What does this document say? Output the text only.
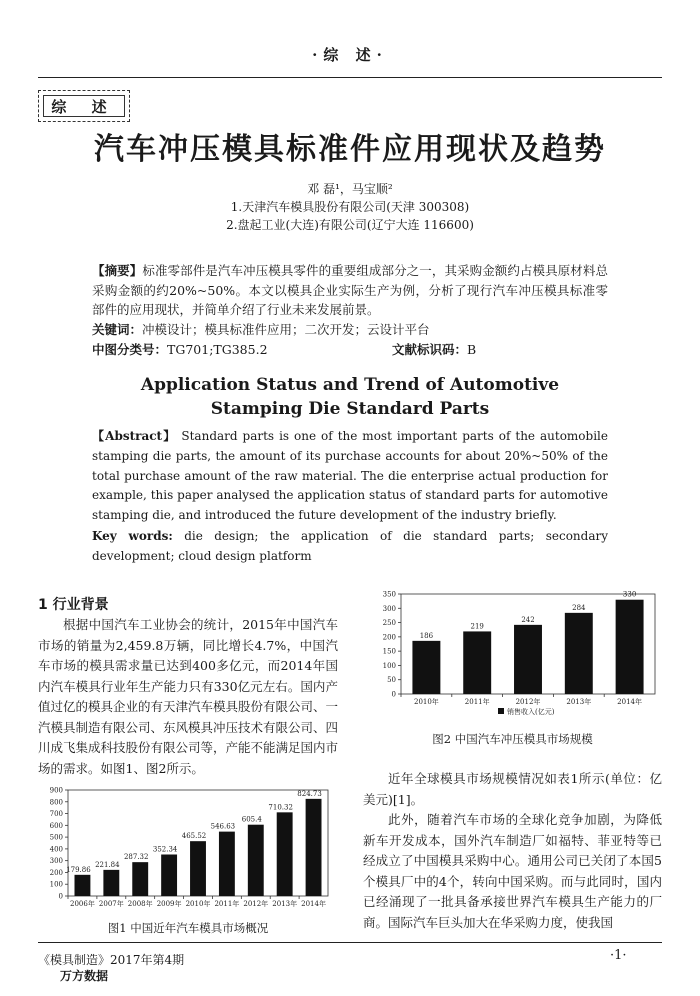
·综 述·
综 述
汽车冲压模具标准件应用现状及趋势
邓 磊¹，马宝顺²
1.天津汽车模具股份有限公司(天津 300308)
2.盘起工业(大连)有限公司(辽宁大连 116600)
【摘要】标准零部件是汽车冲压模具零件的重要组成部分之一，其采购金额约占模具原材料总采购金额的约20%~50%。本文以模具企业实际生产为例，分析了现行汽车冲压模具标准零部件的应用现状，并简单介绍了行业未来发展前景。
关键词：冲模设计；模具标准件应用；二次开发；云设计平台
中图分类号：TG701;TG385.2	文献标识码：B
Application Status and Trend of Automotive
Stamping Die Standard Parts
【Abstract】 Standard parts is one of the most important parts of the automobile stamping die parts, the amount of its purchase accounts for about 20%~50% of the total purchase amount of the raw material. The die enterprise actual production for example, this paper analysed the application status of standard parts for automotive stamping die, and introduced the future development of the industry briefly.
Key words: die design; the application of die standard parts; secondary development; cloud design platform
1 行业背景
根据中国汽车工业协会的统计，2015年中国汽车市场的销量为2,459.8万辆，同比增长4.7%，中国汽车市场的模具需求量已达到400多亿元，而2014年国内汽车模具行业年生产能力只有330亿元左右。国内产值过亿的模具企业的有天津汽车模具股份有限公司、一汽模具制造有限公司、东风模具冲压技术有限公司、四川成飞集成科技股份有限公司等，产能不能满足国内市场的需求。如图1、图2所示。
0
100
200
300
400
500
600
700
800
900
179.86
2006年
221.84
2007年
287.32
2008年
352.34
2009年
465.52
2010年
546.63
2011年
605.4
2012年
710.32
2013年
824.73
2014年
图1 中国近年汽车模具市场概况
0
50
100
150
200
250
300
350
186
2010年
219
2011年
242
2012年
284
2013年
330
2014年
销售收入(亿元)
图2 中国汽车冲压模具市场规模

近年全球模具市场规模情况如表1所示(单位：亿美元)[1]。

此外，随着汽车市场的全球化竞争加剧，为降低新车开发成本，国外汽车制造厂如福特、菲亚特等已经成立了中国模具采购中心。通用公司已关闭了本国5个模具厂中的4个，转向中国采购。而与此同时，国内已经涌现了一批具备承接世界汽车模具生产能力的厂商。国际汽车巨头加大在华采购力度，使我国

《模具制造》2017年第4期
万方数据
·1·
